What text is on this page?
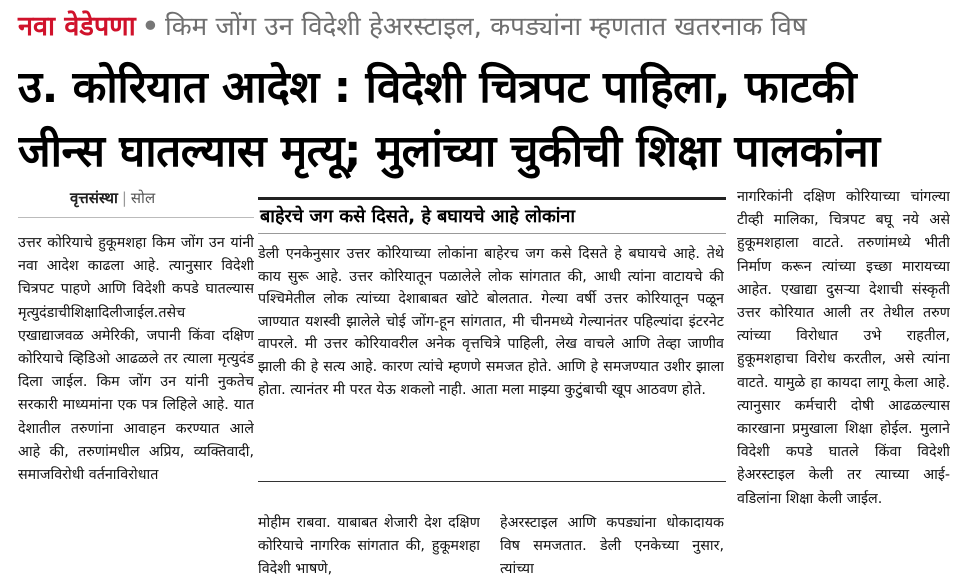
नवा वेडेपणा • किम जोंग उन विदेशी हेअरस्टाइल, कपड्यांना म्हणतात खतरनाक विष
उ. कोरियात आदेश : विदेशी चित्रपट पाहिला, फाटकी
जीन्स घातल्यास मृत्यू; मुलांच्या चुकीची शिक्षा पालकांना
वृत्तसंस्था | सोल
उत्तर कोरियाचे हुकूमशहा किम जोंग उन यांनी नवा आदेश काढला आहे. त्यानुसार विदेशी चित्रपट पाहणे आणि विदेशी कपडे घातल्यास मृत्युदंडाचीशिक्षादिलीजाईल.तसेच एखाद्याजवळ अमेरिकी, जपानी किंवा दक्षिण कोरियाचे व्हिडिओ आढळले तर त्याला मृत्युदंड दिला जाईल. किम जोंग उन यांनी नुकतेच सरकारी माध्यमांना एक पत्र लिहिले आहे. यात देशातील तरुणांना आवाहन करण्यात आले आहे की, तरुणांमधील अप्रिय, व्यक्तिवादी, समाजविरोधी वर्तनाविरोधात
बाहेरचे जग कसे दिसते, हे बघायचे आहे लोकांना
डेली एनकेनुसार उत्तर कोरियाच्या लोकांना बाहेरच जग कसे दिसते हे बघायचे आहे. तेथे काय सुरू आहे. उत्तर कोरियातून पळालेले लोक सांगतात की, आधी त्यांना वाटायचे की पश्चिमेतील लोक त्यांच्या देशाबाबत खोटे बोलतात. गेल्या वर्षी उत्तर कोरियातून पळून जाण्यात यशस्वी झालेले चोई जोंग-हून सांगतात, मी चीनमध्ये गेल्यानंतर पहिल्यांदा इंटरनेट वापरले. मी उत्तर कोरियावरील अनेक वृत्तचित्रे पाहिली, लेख वाचले आणि तेव्हा जाणीव झाली की हे सत्य आहे. कारण त्यांचे म्हणणे समजत होते. आणि हे समजण्यात उशीर झाला होता. त्यानंतर मी परत येऊ शकलो नाही. आता मला माझ्या कुटुंबाची खूप आठवण होते.
मोहीम राबवा. याबाबत शेजारी देश दक्षिण कोरियाचे नागरिक सांगतात की, हुकूमशहा विदेशी भाषणे,
हेअरस्टाइल आणि कपड्यांना धोकादायक विष समजतात. डेली एनकेच्या नुसार, त्यांच्या
नागरिकांनी दक्षिण कोरियाच्या चांगल्या टीव्ही मालिका, चित्रपट बघू नये असे हुकूमशहाला वाटते. तरुणांमध्ये भीती निर्माण करून त्यांच्या इच्छा मारायच्या आहेत. एखाद्या दुसऱ्या देशाची संस्कृती उत्तर कोरियात आली तर तेथील तरुण त्यांच्या विरोधात उभे राहतील, हुकूमशहाचा विरोध करतील, असे त्यांना वाटते. यामुळे हा कायदा लागू केला आहे. त्यानुसार कर्मचारी दोषी आढळल्यास कारखाना प्रमुखाला शिक्षा होईल. मुलाने विदेशी कपडे घातले किंवा विदेशी हेअरस्टाइल केली तर त्याच्या आई-वडिलांना शिक्षा केली जाईल.
